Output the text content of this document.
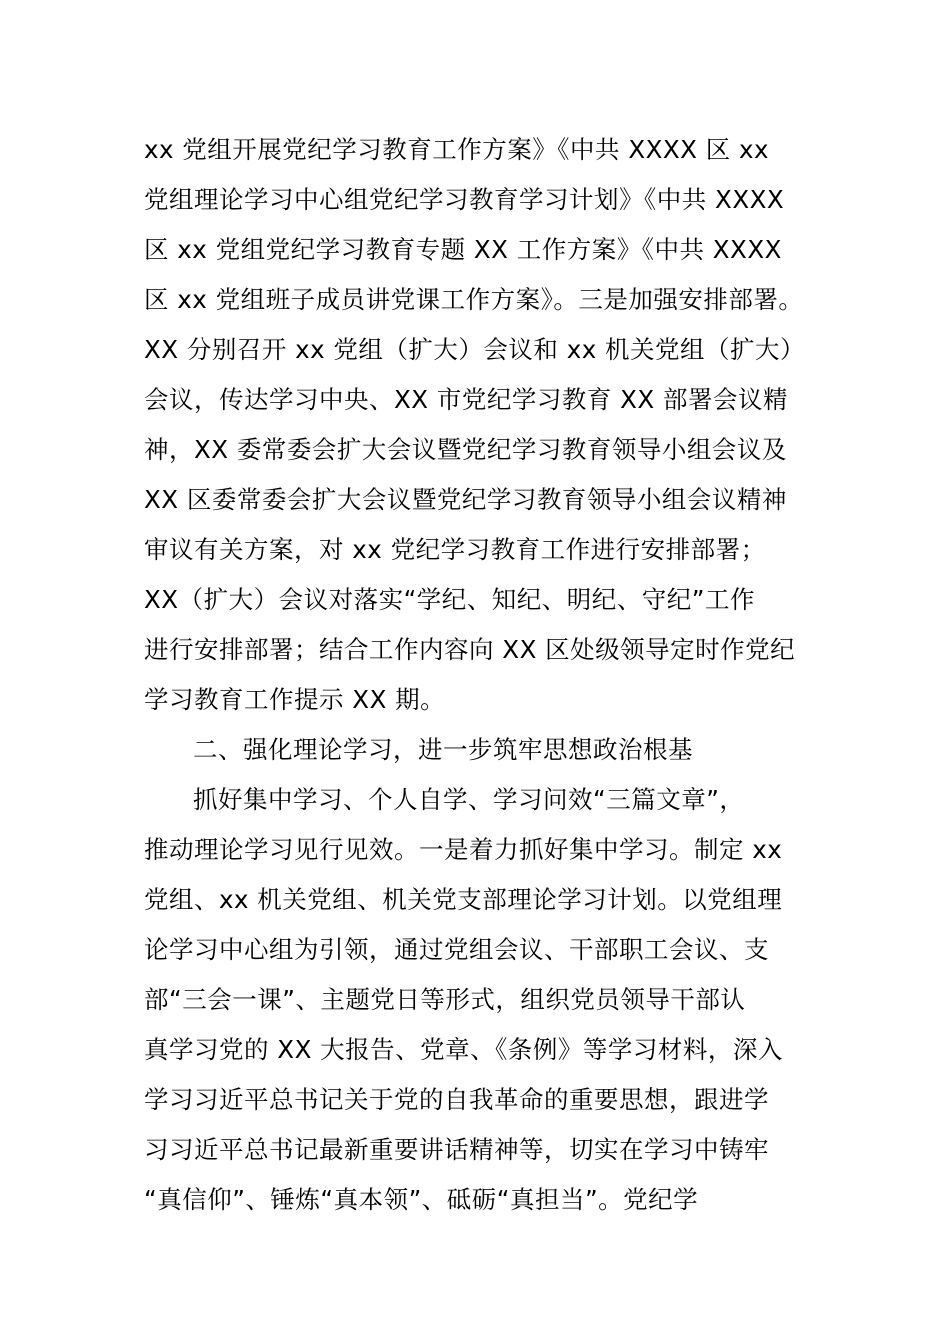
xx 党组开展党纪学习教育工作方案》《中共 XXXX 区 xx
党组理论学习中心组党纪学习教育学习计划》《中共 XXXX
区 xx 党组党纪学习教育专题 XX 工作方案》《中共 XXXX
区 xx 党组班子成员讲党课工作方案》。三是加强安排部署。
XX 分别召开 xx 党组（扩大）会议和 xx 机关党组（扩大）
会议，传达学习中央、XX 市党纪学习教育 XX 部署会议精
神，XX 委常委会扩大会议暨党纪学习教育领导小组会议及
XX 区委常委会扩大会议暨党纪学习教育领导小组会议精神
审议有关方案，对 xx 党纪学习教育工作进行安排部署；
XX（扩大）会议对落实“学纪、知纪、明纪、守纪”工作
进行安排部署；结合工作内容向 XX 区处级领导定时作党纪
学习教育工作提示 XX 期。
二、强化理论学习，进一步筑牢思想政治根基
抓好集中学习、个人自学、学习问效“三篇文章”，
推动理论学习见行见效。一是着力抓好集中学习。制定 xx
党组、xx 机关党组、机关党支部理论学习计划。以党组理
论学习中心组为引领，通过党组会议、干部职工会议、支
部“三会一课”、主题党日等形式，组织党员领导干部认
真学习党的 XX 大报告、党章、《条例》等学习材料，深入
学习习近平总书记关于党的自我革命的重要思想，跟进学
习习近平总书记最新重要讲话精神等，切实在学习中铸牢
“真信仰”、锤炼“真本领”、砥砺“真担当”。党纪学
